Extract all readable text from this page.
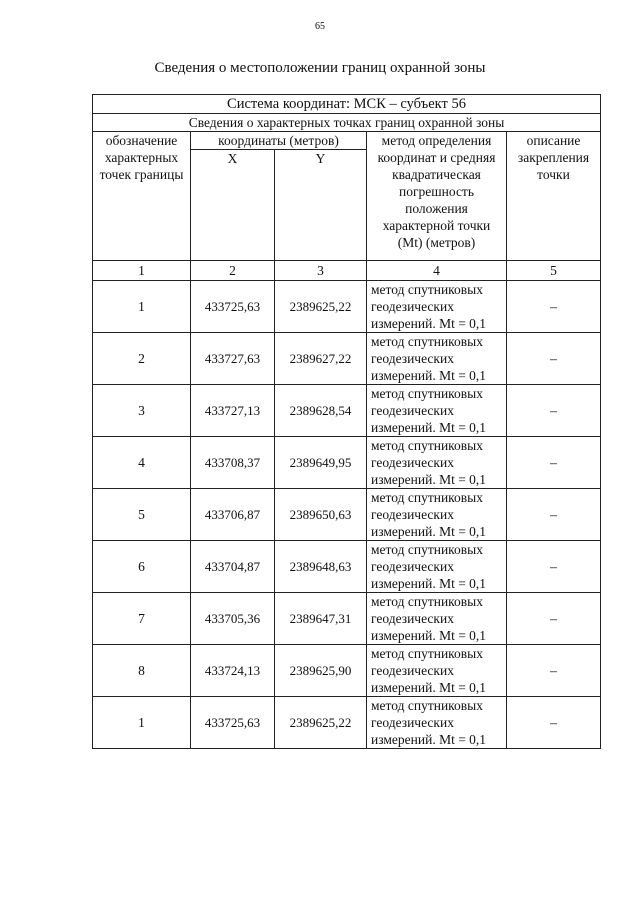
65
Сведения о местоположении границ охранной зоны
Система координат: МСК – субъект 56				
Сведения о характерных точках границ охранной зоны				
обозначение характерных точек границы	координаты (метров)		метод определения координат и средняя квадратическая погрешность положения характерной точки (Mt) (метров)	описание закрепления точки
	X	Y		
1	2	3	4	5
1	433725,63	2389625,22	метод спутниковых геодезических измерений. Mt = 0,1	–
2	433727,63	2389627,22	метод спутниковых геодезических измерений. Mt = 0,1	–
3	433727,13	2389628,54	метод спутниковых геодезических измерений. Mt = 0,1	–
4	433708,37	2389649,95	метод спутниковых геодезических измерений. Mt = 0,1	–
5	433706,87	2389650,63	метод спутниковых геодезических измерений. Mt = 0,1	–
6	433704,87	2389648,63	метод спутниковых геодезических измерений. Mt = 0,1	–
7	433705,36	2389647,31	метод спутниковых геодезических измерений. Mt = 0,1	–
8	433724,13	2389625,90	метод спутниковых геодезических измерений. Mt = 0,1	–
1	433725,63	2389625,22	метод спутниковых геодезических измерений. Mt = 0,1	–
